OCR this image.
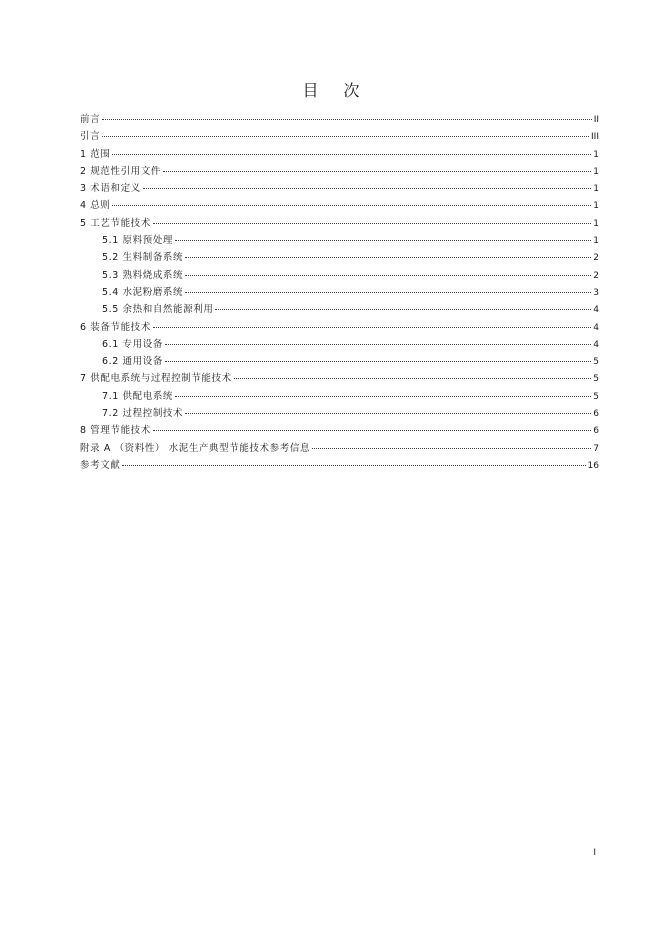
目 次
前言	II
引言	III
1 范围	1
2 规范性引用文件	1
3 术语和定义	1
4 总则	1
5 工艺节能技术	1
5.1 原料预处理	1
5.2 生料制备系统	2
5.3 熟料烧成系统	2
5.4 水泥粉磨系统	3
5.5 余热和自然能源利用	4
6 装备节能技术	4
6.1 专用设备	4
6.2 通用设备	5
7 供配电系统与过程控制节能技术	5
7.1 供配电系统	5
7.2 过程控制技术	6
8 管理节能技术	6
附录 A （资料性） 水泥生产典型节能技术参考信息	7
参考文献	16
I
